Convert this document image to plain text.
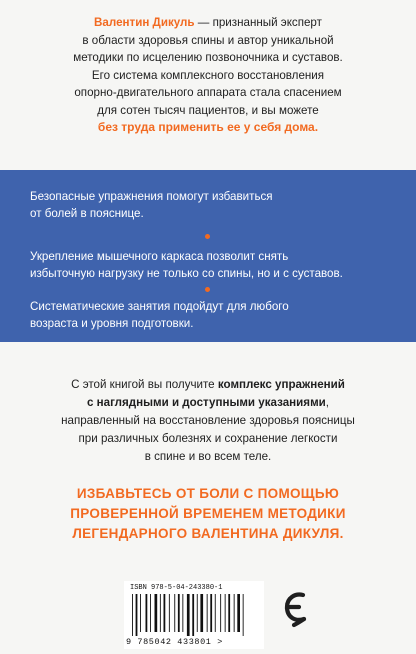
Валентин Дикуль — признанный эксперт
в области здоровья спины и автор уникальной
методики по исцелению позвоночника и суставов.
Его система комплексного восстановления
опорно-двигательного аппарата стала спасением
для сотен тысяч пациентов, и вы можете
без труда применить ее у себя дома.

Безопасные упражнения помогут избавиться
от болей в пояснице.

Укрепление мышечного каркаса позволит снять
избыточную нагрузку не только со спины, но и с суставов.

Систематические занятия подойдут для любого
возраста и уровня подготовки.

С этой книгой вы получите комплекс упражнений
с наглядными и доступными указаниями,
направленный на восстановление здоровья поясницы
при различных болезнях и сохранение легкости
в спине и во всем теле.
ИЗБАВЬТЕСЬ ОТ БОЛИ С ПОМОЩЬЮ
ПРОВЕРЕННОЙ ВРЕМЕНЕМ МЕТОДИКИ
ЛЕГЕНДАРНОГО ВАЛЕНТИНА ДИКУЛЯ.
ISBN 978-5-04-243380-1
9 785042 433801 >
